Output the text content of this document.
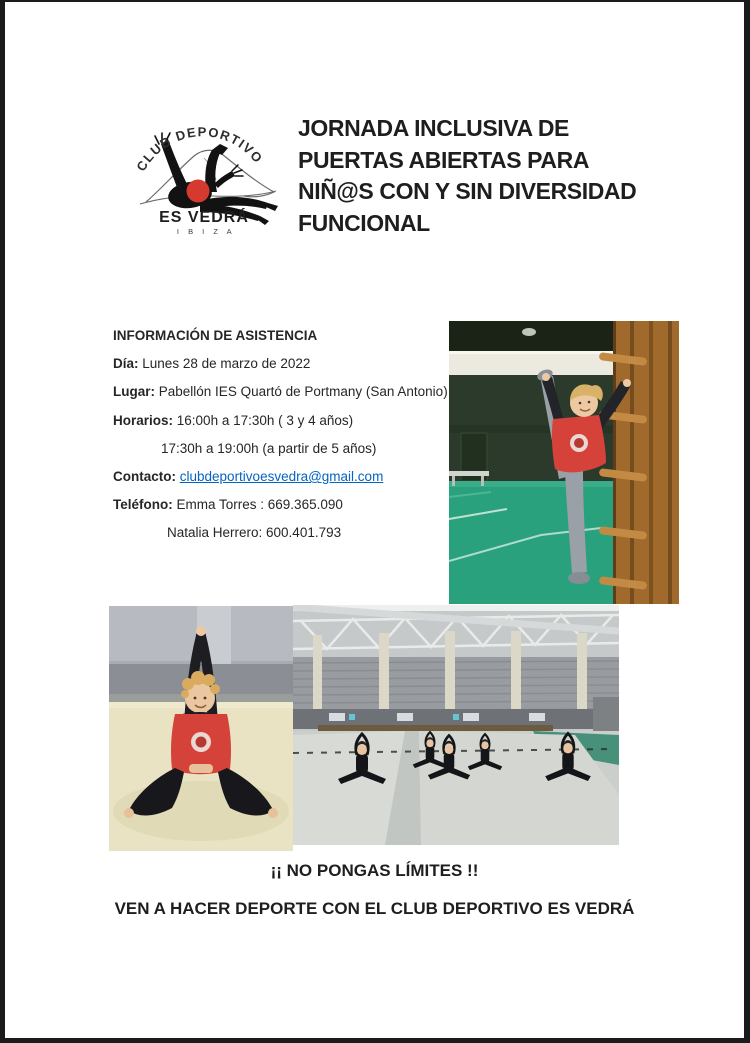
CLUB DEPORTIVO
ES VEDRÁ
I B I Z A
JORNADA INCLUSIVA DE
PUERTAS ABIERTAS PARA
NIÑ@S CON Y SIN DIVERSIDAD
FUNCIONAL
INFORMACIÓN DE ASISTENCIA
Día: Lunes 28 de marzo de 2022
Lugar: Pabellón IES Quartó de Portmany (San Antonio)
Horarios: 16:00h a 17:30h ( 3 y 4 años)
17:30h a 19:00h (a partir de 5 años)
Contacto: clubdeportivoesvedra@gmail.com
Teléfono: Emma Torres : 669.365.090
Natalia Herrero: 600.401.793
¡¡ NO PONGAS LÍMITES !!
VEN A HACER DEPORTE CON EL CLUB DEPORTIVO ES VEDRÁ
